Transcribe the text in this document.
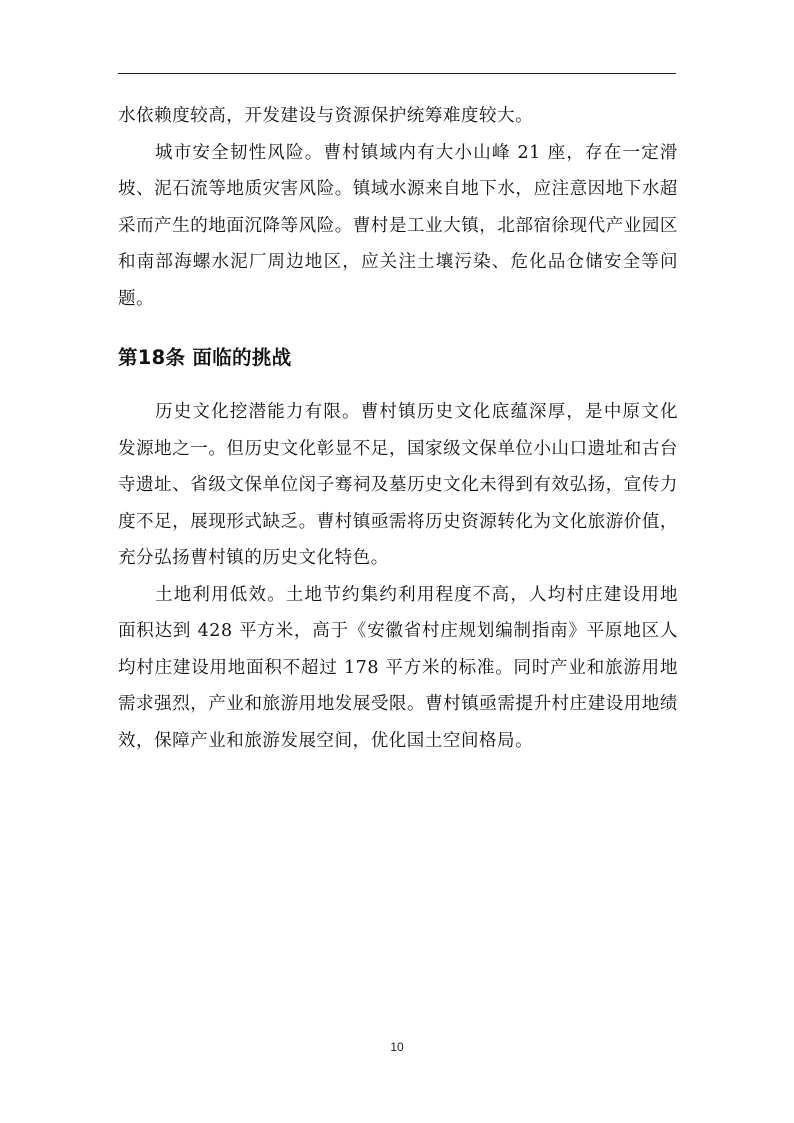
水依赖度较高，开发建设与资源保护统筹难度较大。

城市安全韧性风险。曹村镇域内有大小山峰 21 座，存在一定滑坡、泥石流等地质灾害风险。镇域水源来自地下水，应注意因地下水超采而产生的地面沉降等风险。曹村是工业大镇，北部宿徐现代产业园区和南部海螺水泥厂周边地区，应关注土壤污染、危化品仓储安全等问题。

第18条 面临的挑战

历史文化挖潜能力有限。曹村镇历史文化底蕴深厚，是中原文化发源地之一。但历史文化彰显不足，国家级文保单位小山口遗址和古台寺遗址、省级文保单位闵子骞祠及墓历史文化未得到有效弘扬，宣传力度不足，展现形式缺乏。曹村镇亟需将历史资源转化为文化旅游价值，充分弘扬曹村镇的历史文化特色。

土地利用低效。土地节约集约利用程度不高，人均村庄建设用地面积达到 428 平方米，高于《安徽省村庄规划编制指南》平原地区人均村庄建设用地面积不超过 178 平方米的标准。同时产业和旅游用地需求强烈，产业和旅游用地发展受限。曹村镇亟需提升村庄建设用地绩效，保障产业和旅游发展空间，优化国土空间格局。

10
